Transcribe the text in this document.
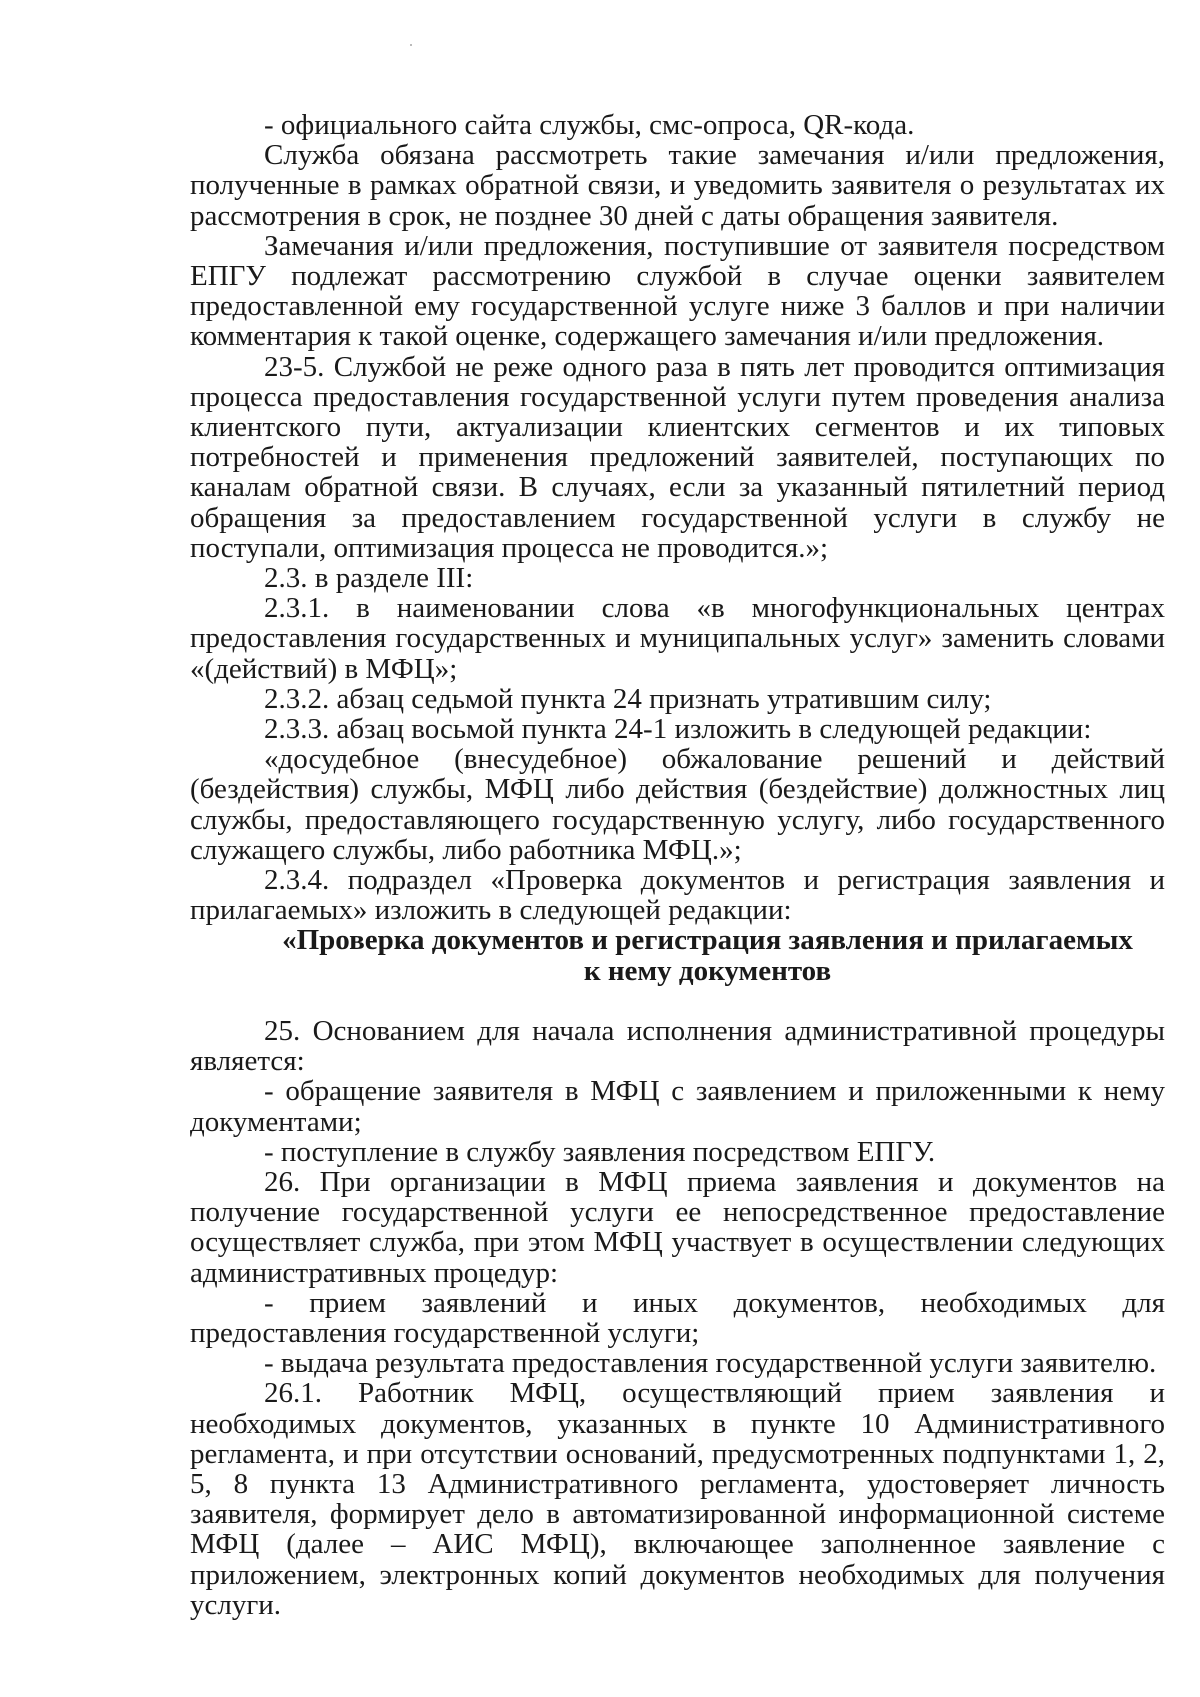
- официального сайта службы, смс-опроса, QR-кода.

Служба обязана рассмотреть такие замечания и/или предложения, полученные в рамках обратной связи, и уведомить заявителя о результатах их рассмотрения в срок, не позднее 30 дней с даты обращения заявителя.

Замечания и/или предложения, поступившие от заявителя посредством ЕПГУ подлежат рассмотрению службой в случае оценки заявителем предоставленной ему государственной услуге ниже 3 баллов и при наличии комментария к такой оценке, содержащего замечания и/или предложения.

23-5. Службой не реже одного раза в пять лет проводится оптимизация процесса предоставления государственной услуги путем проведения анализа клиентского пути, актуализации клиентских сегментов и их типовых потребностей и применения предложений заявителей, поступающих по каналам обратной связи. В случаях, если за указанный пятилетний период обращения за предоставлением государственной услуги в службу не поступали, оптимизация процесса не проводится.»;

2.3. в разделе III:

2.3.1. в наименовании слова «в многофункциональных центрах предоставления государственных и муниципальных услуг» заменить словами «(действий) в МФЦ»;

2.3.2. абзац седьмой пункта 24 признать утратившим силу;

2.3.3. абзац восьмой пункта 24-1 изложить в следующей редакции:

«досудебное (внесудебное) обжалование решений и действий (бездействия) службы, МФЦ либо действия (бездействие) должностных лиц службы, предоставляющего государственную услугу, либо государственного служащего службы, либо работника МФЦ.»;

2.3.4. подраздел «Проверка документов и регистрация заявления и прилагаемых» изложить в следующей редакции:

«Проверка документов и регистрация заявления и прилагаемых

к нему документов

25. Основанием для начала исполнения административной процедуры является:

- обращение заявителя в МФЦ с заявлением и приложенными к нему документами;

- поступление в службу заявления посредством ЕПГУ.

26. При организации в МФЦ приема заявления и документов на получение государственной услуги ее непосредственное предоставление осуществляет служба, при этом МФЦ участвует в осуществлении следующих административных процедур:

- прием заявлений и иных документов, необходимых для предоставления государственной услуги;

- выдача результата предоставления государственной услуги заявителю.

26.1. Работник МФЦ, осуществляющий прием заявления и необходимых документов, указанных в пункте 10 Административного регламента, и при отсутствии оснований, предусмотренных подпунктами 1, 2, 5, 8 пункта 13 Административного регламента, удостоверяет личность заявителя, формирует дело в автоматизированной информационной системе МФЦ (далее – АИС МФЦ), включающее заполненное заявление с приложением, электронных копий документов необходимых для получения услуги.
